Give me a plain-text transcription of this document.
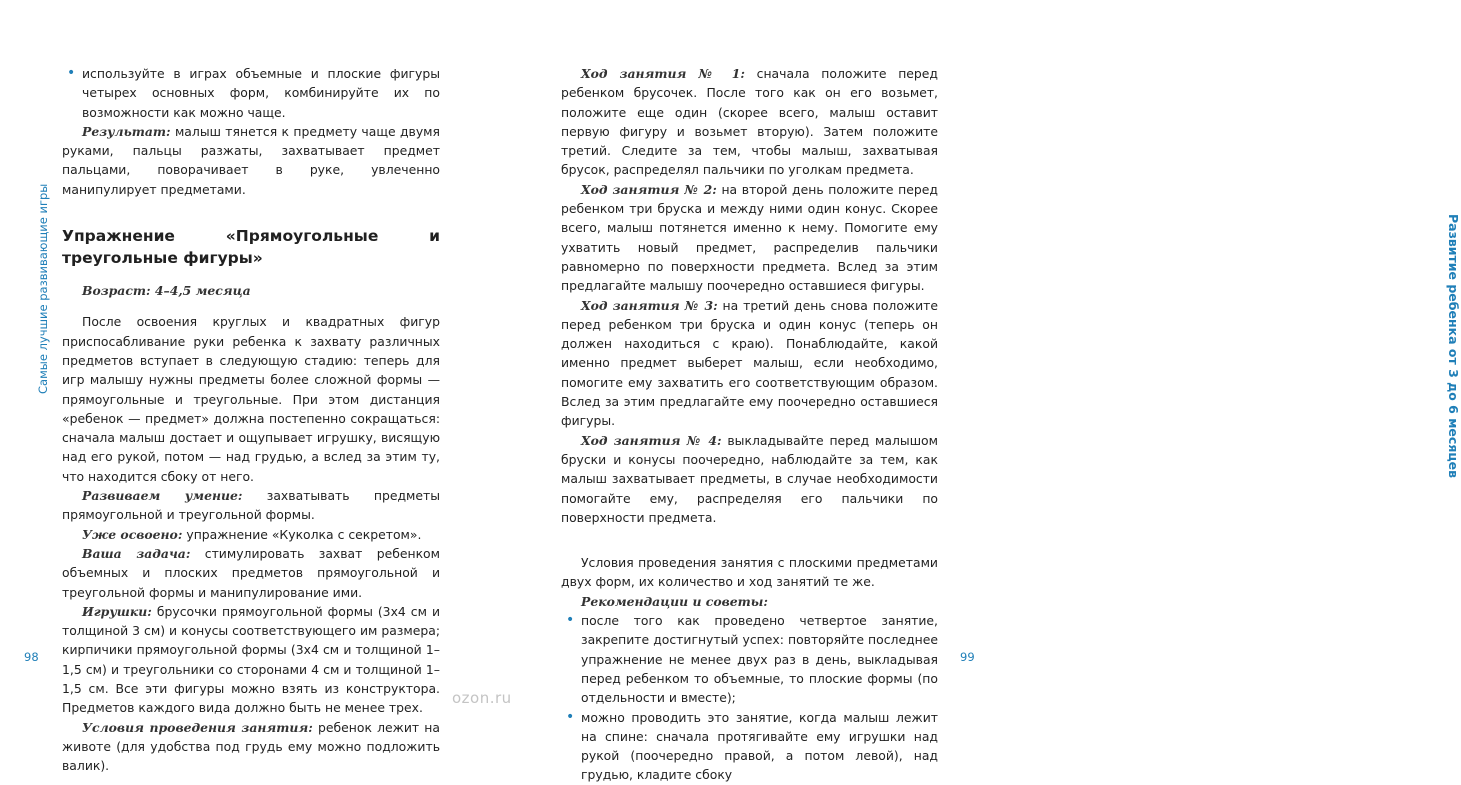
Самые лучшие развивающие игры

• используйте в играх объемные и плоские фигуры четырех основных форм, комбинируйте их по возможности как можно чаще.

Результат: малыш тянется к предмету чаще двумя руками, пальцы разжаты, захватывает предмет пальцами, поворачивает в руке, увлеченно манипулирует предметами.

Упражнение «Прямоугольные и треугольные фигуры»

Возраст: 4–4,5 месяца

После освоения круглых и квадратных фигур приспосабливание руки ребенка к захвату различных предметов вступает в следующую стадию: теперь для игр малышу нужны предметы более сложной формы — прямоугольные и треугольные. При этом дистанция «ребенок — предмет» должна постепенно сокращаться: сначала малыш достает и ощупывает игрушку, висящую над его рукой, потом — над грудью, а вслед за этим ту, что находится сбоку от него.

Развиваем умение: захватывать предметы прямоугольной и треугольной формы.

Уже освоено: упражнение «Куколка с секретом».

Ваша задача: стимулировать захват ребенком объемных и плоских предметов прямоугольной и треугольной формы и манипулирование ими.

Игрушки: брусочки прямоугольной формы (3х4 см и толщиной 3 см) и конусы соответствующего им размера; кирпичики прямоугольной формы (3х4 см и толщиной 1–1,5 см) и треугольники со сторонами 4 см и толщиной 1–1,5 см. Все эти фигуры можно взять из конструктора. Предметов каждого вида должно быть не менее трех.

Условия проведения занятия: ребенок лежит на животе (для удобства под грудь ему можно подложить валик).

98

Ход занятия № 1: сначала положите перед ребенком брусочек. После того как он его возьмет, положите еще один (скорее всего, малыш оставит первую фигуру и возьмет вторую). Затем положите третий. Следите за тем, чтобы малыш, захватывая брусок, распределял пальчики по уголкам предмета.

Ход занятия № 2: на второй день положите перед ребенком три бруска и между ними один конус. Скорее всего, малыш потянется именно к нему. Помогите ему ухватить новый предмет, распределив пальчики равномерно по поверхности предмета. Вслед за этим предлагайте малышу поочередно оставшиеся фигуры.

Ход занятия № 3: на третий день снова положите перед ребенком три бруска и один конус (теперь он должен находиться с краю). Понаблюдайте, какой именно предмет выберет малыш, если необходимо, помогите ему захватить его соответствующим образом. Вслед за этим предлагайте ему поочередно оставшиеся фигуры.

Ход занятия № 4: выкладывайте перед малышом бруски и конусы поочередно, наблюдайте за тем, как малыш захватывает предметы, в случае необходимости помогайте ему, распределяя его пальчики по поверхности предмета.

Условия проведения занятия с плоскими предметами двух форм, их количество и ход занятий те же.

Рекомендации и советы:

• после того как проведено четвертое занятие, закрепите достигнутый успех: повторяйте последнее упражнение не менее двух раз в день, выкладывая перед ребенком то объемные, то плоские формы (по отдельности и вместе);

• можно проводить это занятие, когда малыш лежит на спине: сначала протягивайте ему игрушки над рукой (поочередно правой, а потом левой), над грудью, кладите сбоку

Развитие ребенка от 3 до 6 месяцев
99
ozon.ru
